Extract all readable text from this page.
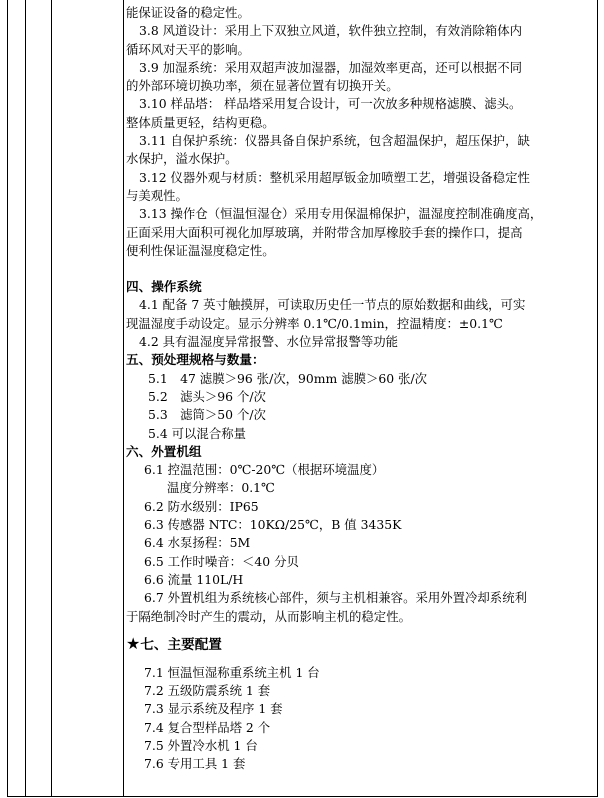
能保证设备的稳定性。
3.8 风道设计：采用上下双独立风道，软件独立控制，有效消除箱体内
循环风对天平的影响。
3.9 加湿系统：采用双超声波加湿器，加湿效率更高，还可以根据不同
的外部环境切换功率，须在显著位置有切换开关。
3.10 样品塔： 样品塔采用复合设计，可一次放多种规格滤膜、滤头。
整体质量更轻，结构更稳。
3.11 自保护系统：仪器具备自保护系统，包含超温保护，超压保护，缺
水保护，溢水保护。
3.12 仪器外观与材质：整机采用超厚钣金加喷塑工艺，增强设备稳定性
与美观性。
3.13 操作仓（恒温恒湿仓）采用专用保温棉保护，温湿度控制准确度高，
正面采用大面积可视化加厚玻璃，并附带含加厚橡胶手套的操作口，提高
便利性保证温湿度稳定性。
四、操作系统
4.1 配备 7 英寸触摸屏，可读取历史任一节点的原始数据和曲线，可实
现温湿度手动设定。显示分辨率 0.1℃/0.1min，控温精度：±0.1℃
4.2 具有温湿度异常报警、水位异常报警等功能
五、预处理规格与数量：
5.1　47 滤膜＞96 张/次，90mm 滤膜＞60 张/次
5.2　滤头＞96 个/次
5.3　滤筒＞50 个/次
5.4 可以混合称量
六、外置机组
6.1 控温范围：0℃-20℃（根据环境温度）
温度分辨率：0.1℃
6.2 防水级别：IP65
6.3 传感器 NTC：10KΩ/25℃，B 值 3435K
6.4 水泵扬程：5M
6.5 工作时噪音：＜40 分贝
6.6 流量 110L/H
6.7 外置机组为系统核心部件，须与主机相兼容。采用外置冷却系统利
于隔绝制冷时产生的震动，从而影响主机的稳定性。
★七、主要配置
7.1 恒温恒湿称重系统主机 1 台
7.2 五级防震系统 1 套
7.3 显示系统及程序 1 套
7.4 复合型样品塔 2 个
7.5 外置冷水机 1 台
7.6 专用工具 1 套
